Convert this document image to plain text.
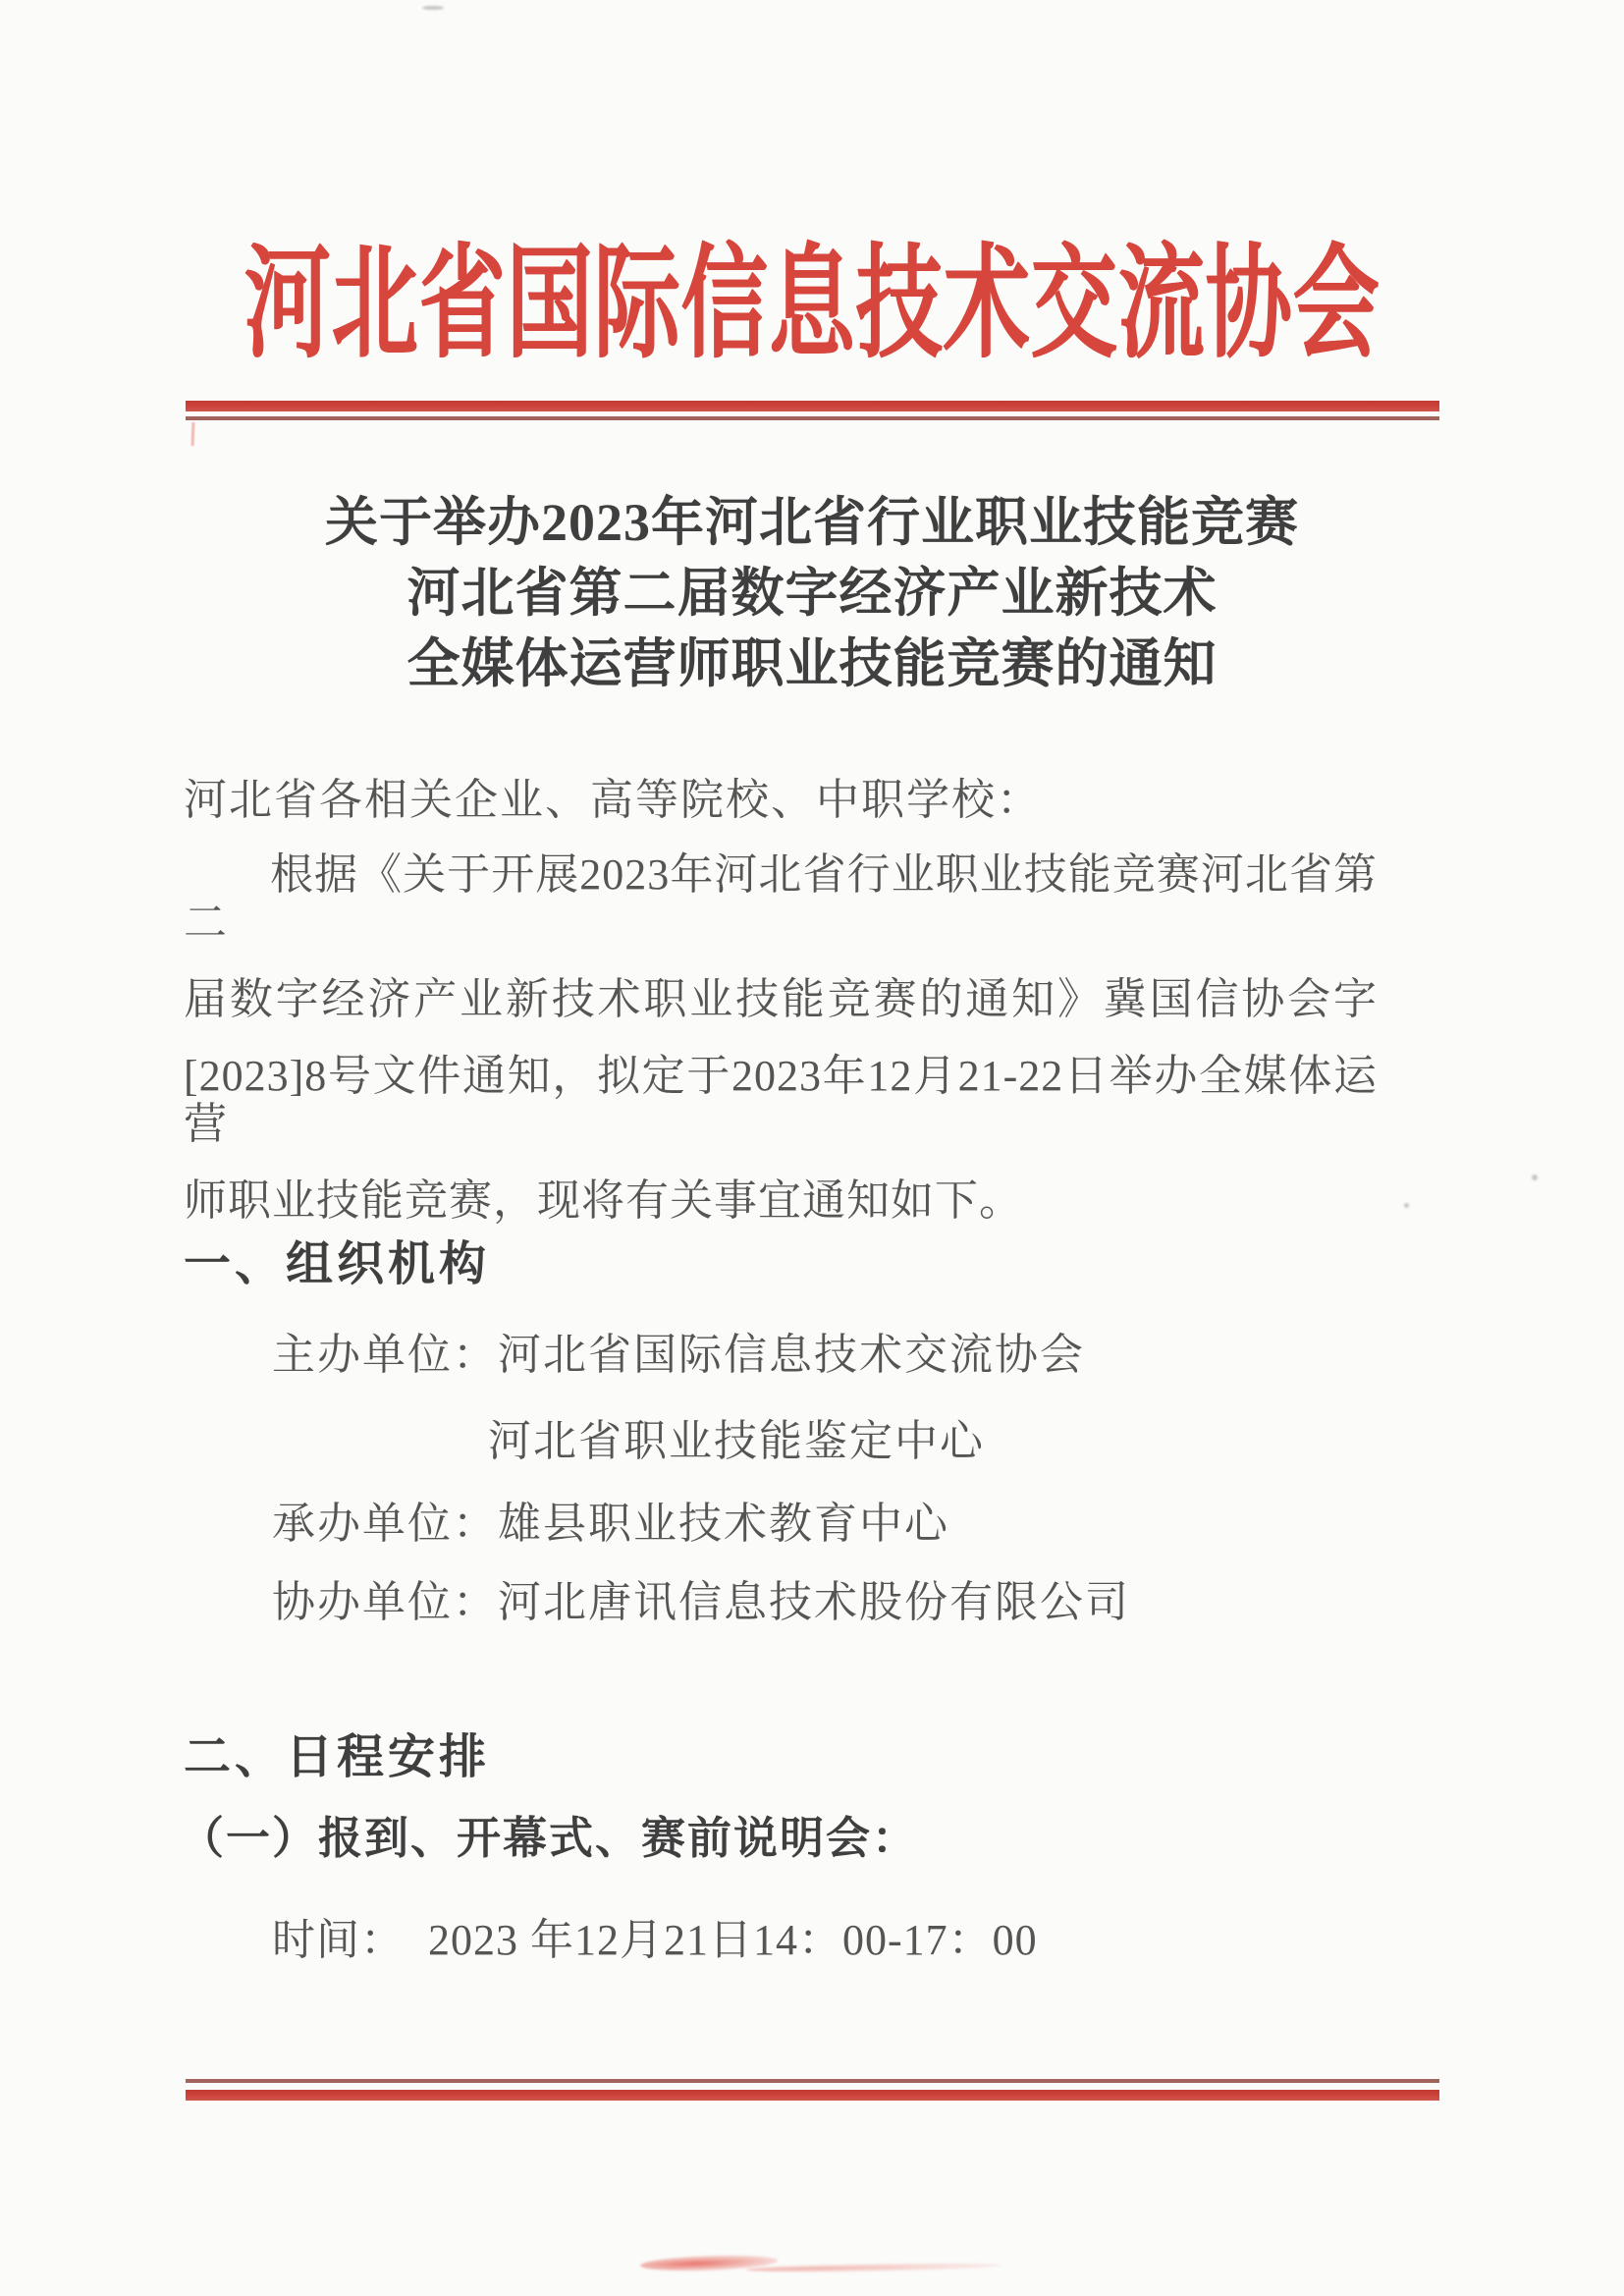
河北省国际信息技术交流协会
关于举办2023年河北省行业职业技能竞赛
河北省第二届数字经济产业新技术
全媒体运营师职业技能竞赛的通知
河北省各相关企业、高等院校、中职学校：
根据《关于开展2023年河北省行业职业技能竞赛河北省第二
届数字经济产业新技术职业技能竞赛的通知》冀国信协会字
[2023]8号文件通知，拟定于2023年12月21-22日举办全媒体运营
师职业技能竞赛，现将有关事宜通知如下。
一、组织机构
主办单位：河北省国际信息技术交流协会
河北省职业技能鉴定中心
承办单位：雄县职业技术教育中心
协办单位：河北唐讯信息技术股份有限公司
二、日程安排
（一）报到、开幕式、赛前说明会：
时间：  2023 年12月21日14：00-17：00
